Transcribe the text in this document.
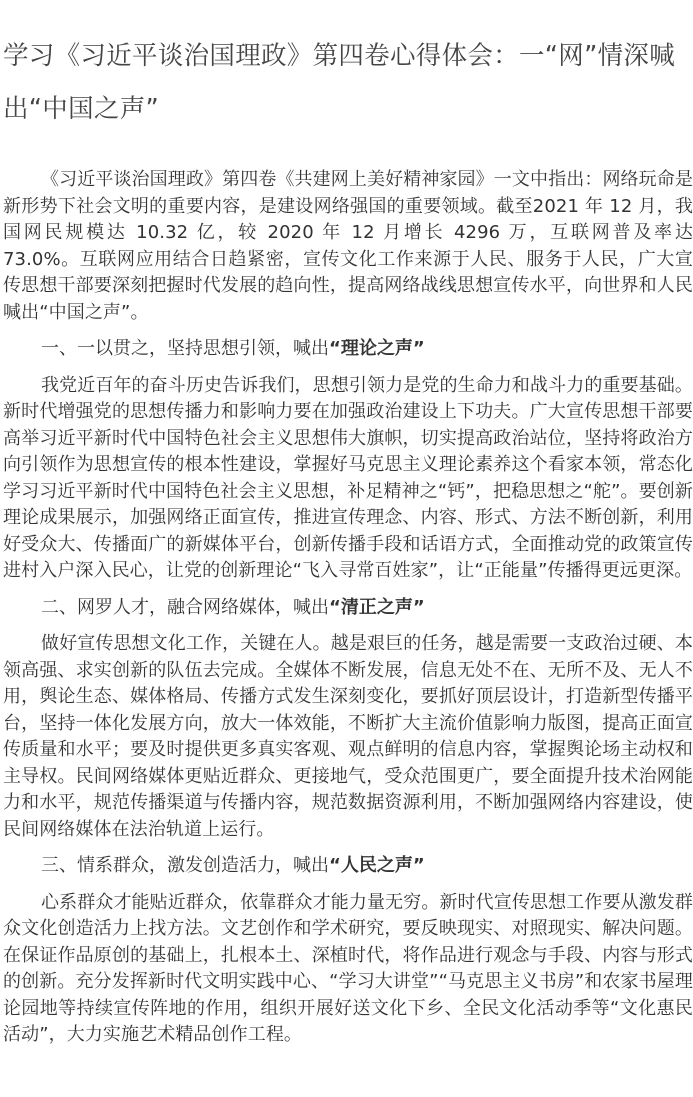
学习《习近平谈治国理政》第四卷心得体会：一“网”情深喊出“中国之声”

《习近平谈治国理政》第四卷《共建网上美好精神家园》一文中指出：网络玩命是新形势下社会文明的重要内容，是建设网络强国的重要领域。截至2021 年 12 月，我国网民规模达 10.32 亿，较 2020 年 12 月增长 4296 万，互联网普及率达 73.0%。互联网应用结合日趋紧密，宣传文化工作来源于人民、服务于人民，广大宣传思想干部要深刻把握时代发展的趋向性，提高网络战线思想宣传水平，向世界和人民喊出“中国之声”。

一、一以贯之，坚持思想引领，喊出“理论之声”

我党近百年的奋斗历史告诉我们，思想引领力是党的生命力和战斗力的重要基础。新时代增强党的思想传播力和影响力要在加强政治建设上下功夫。广大宣传思想干部要高举习近平新时代中国特色社会主义思想伟大旗帜，切实提高政治站位，坚持将政治方向引领作为思想宣传的根本性建设，掌握好马克思主义理论素养这个看家本领，常态化学习习近平新时代中国特色社会主义思想，补足精神之“钙”，把稳思想之“舵”。要创新理论成果展示，加强网络正面宣传，推进宣传理念、内容、形式、方法不断创新，利用好受众大、传播面广的新媒体平台，创新传播手段和话语方式，全面推动党的政策宣传进村入户深入民心，让党的创新理论“飞入寻常百姓家”，让“正能量”传播得更远更深。

二、网罗人才，融合网络媒体，喊出“清正之声”

做好宣传思想文化工作，关键在人。越是艰巨的任务，越是需要一支政治过硬、本领高强、求实创新的队伍去完成。全媒体不断发展，信息无处不在、无所不及、无人不用，舆论生态、媒体格局、传播方式发生深刻变化，要抓好顶层设计，打造新型传播平台，坚持一体化发展方向，放大一体效能，不断扩大主流价值影响力版图，提高正面宣传质量和水平；要及时提供更多真实客观、观点鲜明的信息内容，掌握舆论场主动权和主导权。民间网络媒体更贴近群众、更接地气，受众范围更广，要全面提升技术治网能力和水平，规范传播渠道与传播内容，规范数据资源利用，不断加强网络内容建设，使民间网络媒体在法治轨道上运行。

三、情系群众，激发创造活力，喊出“人民之声”

心系群众才能贴近群众，依靠群众才能力量无穷。新时代宣传思想工作要从激发群众文化创造活力上找方法。文艺创作和学术研究，要反映现实、对照现实、解决问题。在保证作品原创的基础上，扎根本土、深植时代，将作品进行观念与手段、内容与形式的创新。充分发挥新时代文明实践中心、“学习大讲堂”“马克思主义书房”和农家书屋理论园地等持续宣传阵地的作用，组织开展好送文化下乡、全民文化活动季等“文化惠民活动”，大力实施艺术精品创作工程。
